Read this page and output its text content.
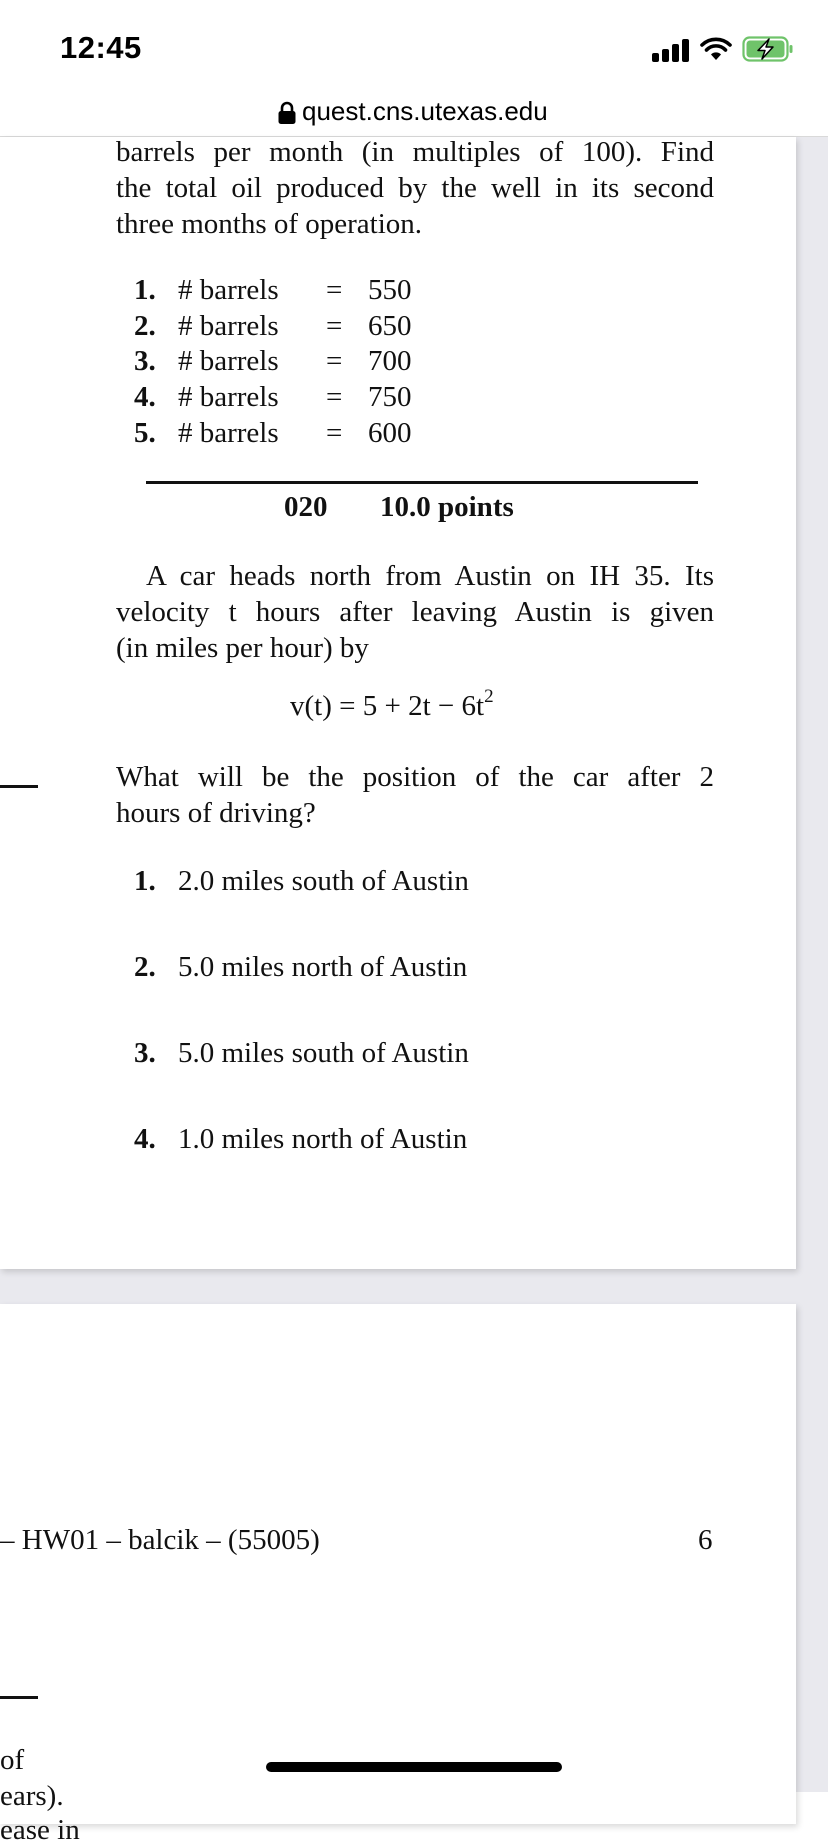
12:45
quest.cns.utexas.edu
barrels per month (in multiples of 100). Find
the total oil produced by the well in its second
three months of operation.
1. # barrels = 550
2. # barrels = 650
3. # barrels = 700
4. # barrels = 750
5. # barrels = 600
020 10.0 points
A car heads north from Austin on IH 35. Its
velocity t hours after leaving Austin is given
(in miles per hour) by
$v(t) = 5 + 2t - 6t^2$
What will be the position of the car after 2
hours of driving?
1. 2.0 miles south of Austin
2. 5.0 miles north of Austin
3. 5.0 miles south of Austin
4. 1.0 miles north of Austin
– HW01 – balcik – (55005)	6
of
ears).
ease in
